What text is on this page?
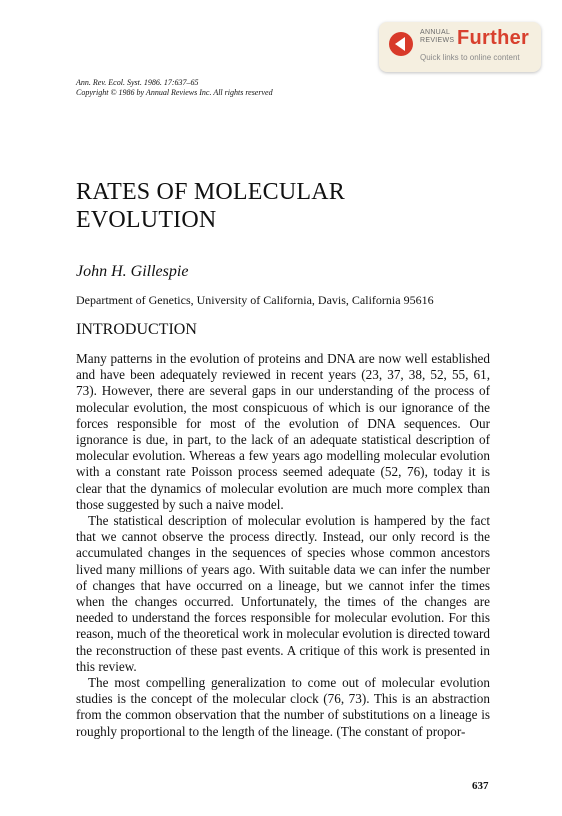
ANNUAL
REVIEWS Further
Quick links to online content
Ann. Rev. Ecol. Syst. 1986. 17:637–65
Copyright © 1986 by Annual Reviews Inc. All rights reserved
RATES OF MOLECULAR
EVOLUTION
John H. Gillespie
Department of Genetics, University of California, Davis, California 95616
INTRODUCTION

Many patterns in the evolution of proteins and DNA are now well established and have been adequately reviewed in recent years (23, 37, 38, 52, 55, 61, 73). However, there are several gaps in our understanding of the process of molecular evolution, the most conspicuous of which is our ignorance of the forces responsible for most of the evolution of DNA sequences. Our ignorance is due, in part, to the lack of an adequate statistical description of molecular evolution. Whereas a few years ago modelling molecular evolution with a constant rate Poisson process seemed adequate (52, 76), today it is clear that the dynamics of molecular evolution are much more complex than those suggested by such a naive model.

The statistical description of molecular evolution is hampered by the fact that we cannot observe the process directly. Instead, our only record is the accumulated changes in the sequences of species whose common ancestors lived many millions of years ago. With suitable data we can infer the number of changes that have occurred on a lineage, but we cannot infer the times when the changes occurred. Unfortunately, the times of the changes are needed to understand the forces responsible for molecular evolution. For this reason, much of the theoretical work in molecular evolution is directed toward the reconstruction of these past events. A critique of this work is presented in this review.

The most compelling generalization to come out of molecular evolution studies is the concept of the molecular clock (76, 73). This is an abstraction from the common observation that the number of substitutions on a lineage is roughly proportional to the length of the lineage. (The constant of propor-

637
